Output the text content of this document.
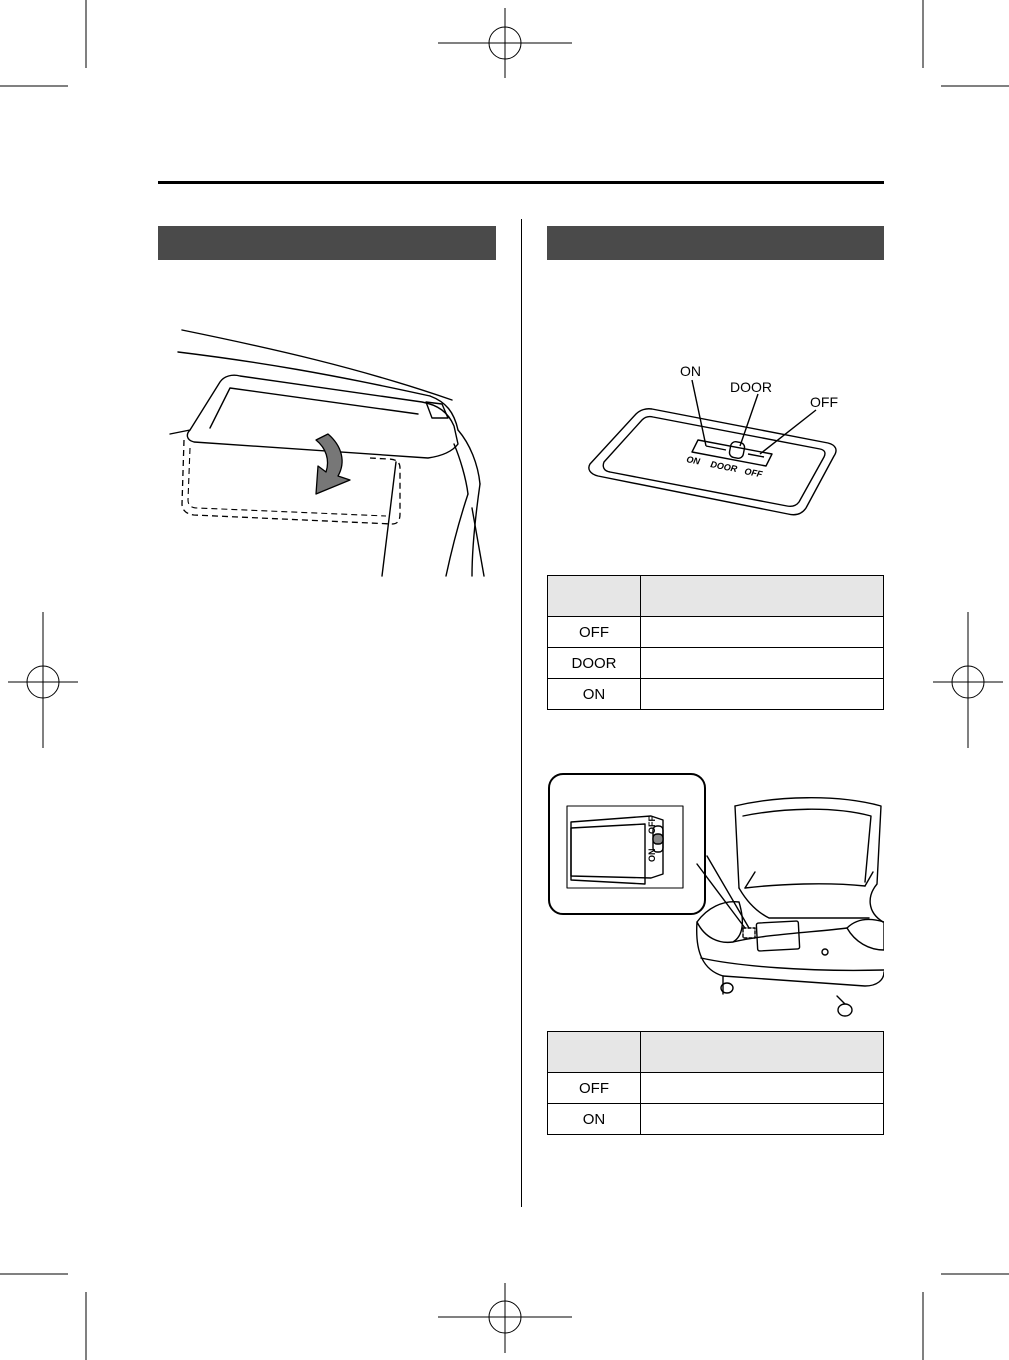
ON
DOOR
OFF
ON DOOR OFF

OFF	
DOOR	
ON	
OFF
ON

OFF	
ON	
